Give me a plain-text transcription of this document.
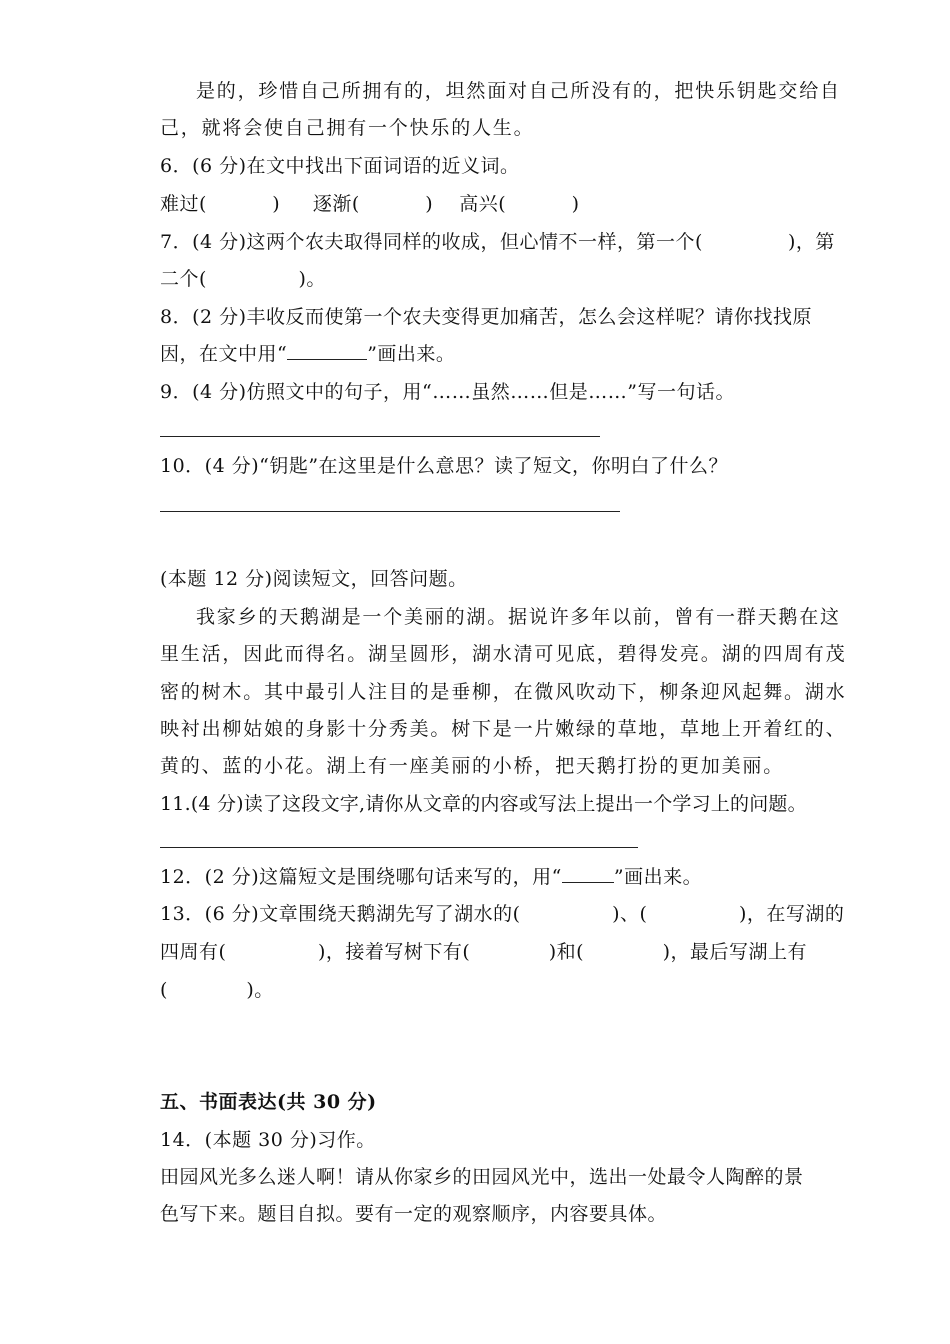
是的，珍惜自己所拥有的，坦然面对自己所没有的，把快乐钥匙交给自
己，就将会使自己拥有一个快乐的人生。
6．(6 分)在文中找出下面词语的近义词。
难过(          )     逐渐(          )    高兴(          )
7．(4 分)这两个农夫取得同样的收成，但心情不一样，第一个(             )，第
二个(              )。
8．(2 分)丰收反而使第一个农夫变得更加痛苦，怎么会这样呢？请你找找原
因，在文中用“	”画出来。
9．(4 分)仿照文中的句子，用“……虽然……但是……”写一句话。
10．(4 分)“钥匙”在这里是什么意思？读了短文，你明白了什么？
(本题 12 分)阅读短文，回答问题。
我家乡的天鹅湖是一个美丽的湖。据说许多年以前，曾有一群天鹅在这
里生活，因此而得名。湖呈圆形，湖水清可见底，碧得发亮。湖的四周有茂
密的树木。其中最引人注目的是垂柳，在微风吹动下，柳条迎风起舞。湖水
映衬出柳姑娘的身影十分秀美。树下是一片嫩绿的草地，草地上开着红的、
黄的、蓝的小花。湖上有一座美丽的小桥，把天鹅打扮的更加美丽。
11.(4 分)读了这段文字,请你从文章的内容或写法上提出一个学习上的问题。
12．(2 分)这篇短文是围绕哪句话来写的，用“	”画出来。
13．(6 分)文章围绕天鹅湖先写了湖水的(              )、(              )，在写湖的
四周有(              )，接着写树下有(            )和(            )，最后写湖上有
(            )。
五、书面表达(共 30 分)
14．(本题 30 分)习作。
田园风光多么迷人啊！请从你家乡的田园风光中，选出一处最令人陶醉的景
色写下来。题目自拟。要有一定的观察顺序，内容要具体。
